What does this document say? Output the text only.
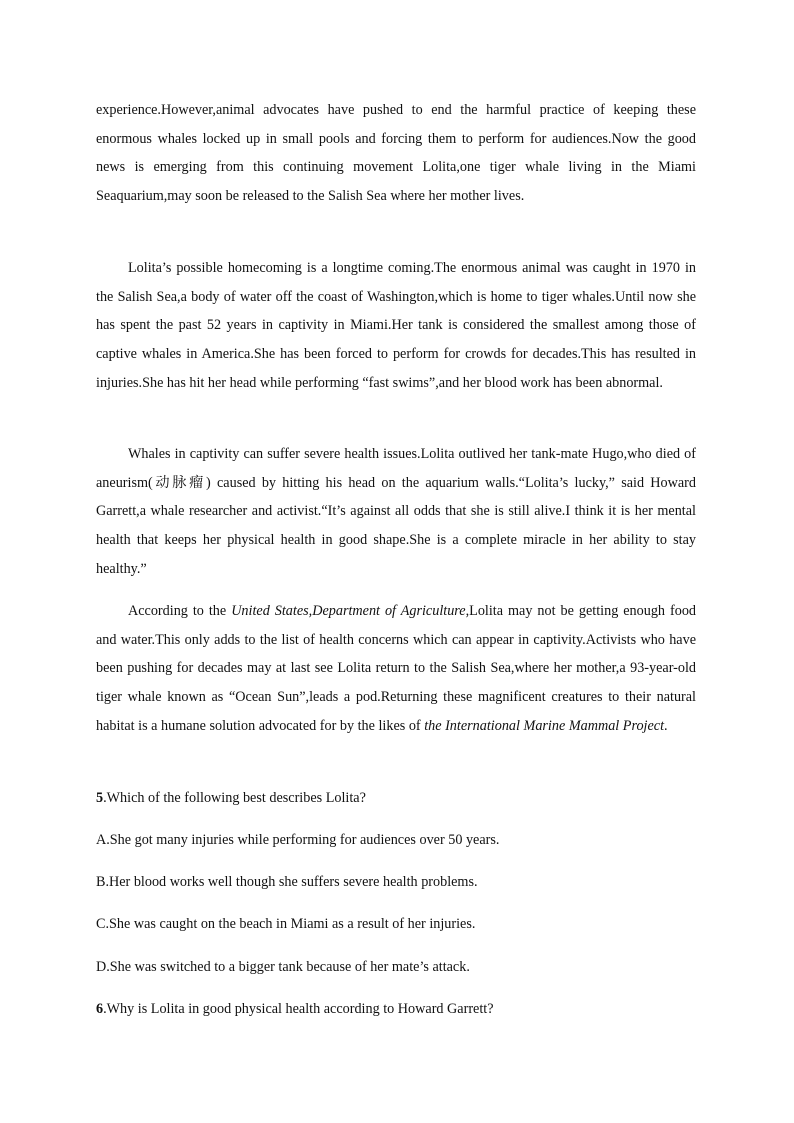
experience.However,animal advocates have pushed to end the harmful practice of keeping these enormous whales locked up in small pools and forcing them to perform for audiences.Now the good news is emerging from this continuing movement Lolita,one tiger whale living in the Miami Seaquarium,may soon be released to the Salish Sea where her mother lives.

Lolita’s possible homecoming is a longtime coming.The enormous animal was caught in 1970 in the Salish Sea,a body of water off the coast of Washington,which is home to tiger whales.Until now she has spent the past 52 years in captivity in Miami.Her tank is considered the smallest among those of captive whales in America.She has been forced to perform for crowds for decades.This has resulted in injuries.She has hit her head while performing “fast swims”,and her blood work has been abnormal.

Whales in captivity can suffer severe health issues.Lolita outlived her tank-mate Hugo,who died of aneurism(动脉瘤) caused by hitting his head on the aquarium walls.“Lolita’s lucky,” said Howard Garrett,a whale researcher and activist.“It’s against all odds that she is still alive.I think it is her mental health that keeps her physical health in good shape.She is a complete miracle in her ability to stay healthy.”

According to the United States,Department of Agriculture,Lolita may not be getting enough food and water.This only adds to the list of health concerns which can appear in captivity.Activists who have been pushing for decades may at last see Lolita return to the Salish Sea,where her mother,a 93-year-old tiger whale known as “Ocean Sun”,leads a pod.Returning these magnificent creatures to their natural habitat is a humane solution advocated for by the likes of the International Marine Mammal Project.

5.Which of the following best describes Lolita?

A.She got many injuries while performing for audiences over 50 years.

B.Her blood works well though she suffers severe health problems.

C.She was caught on the beach in Miami as a result of her injuries.

D.She was switched to a bigger tank because of her mate’s attack.

6.Why is Lolita in good physical health according to Howard Garrett?
